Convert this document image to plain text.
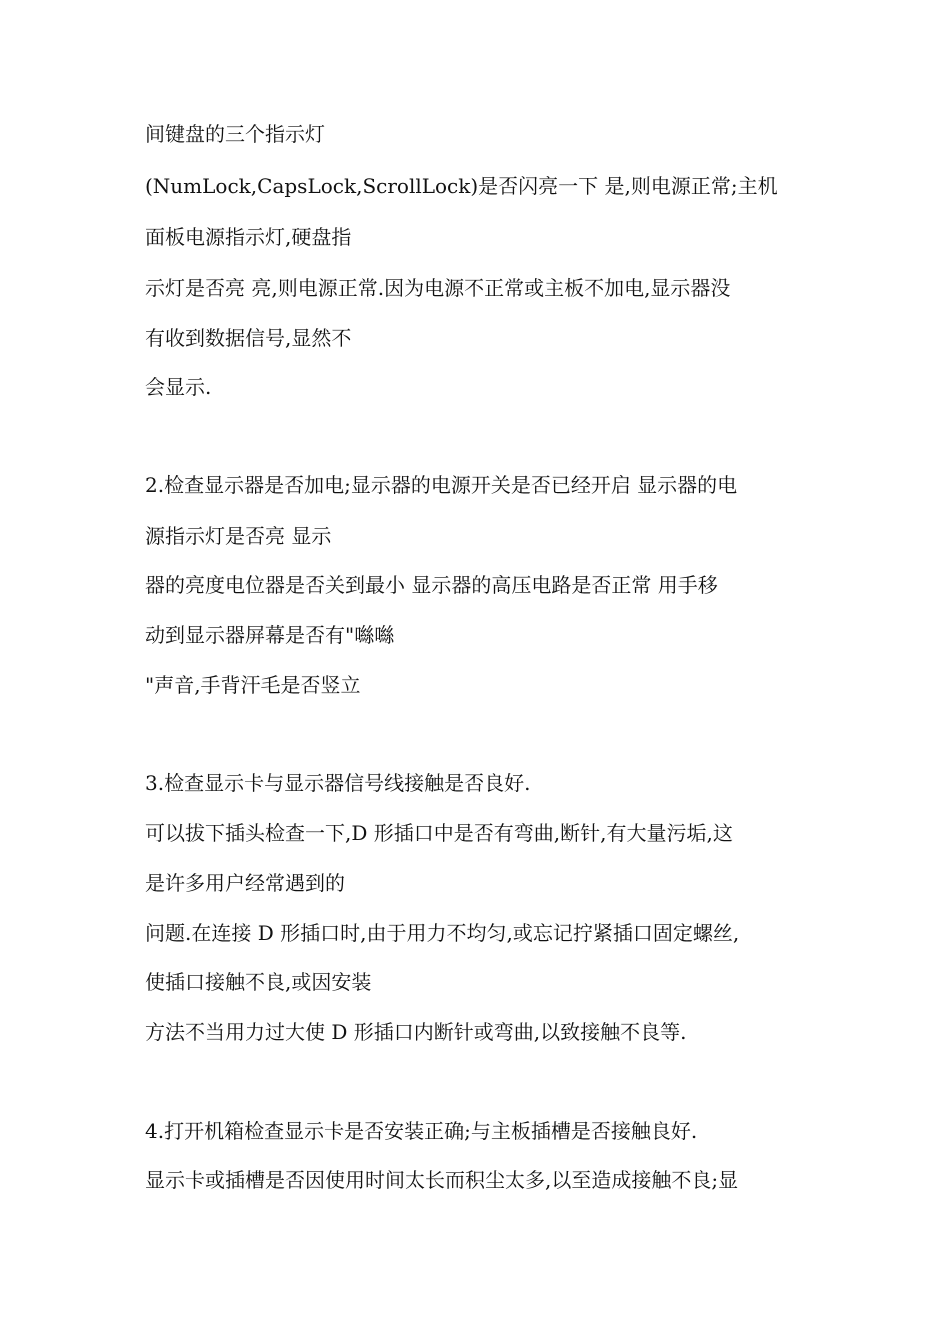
间键盘的三个指示灯
(NumLock,CapsLock,ScrollLock)是否闪亮一下 是,则电源正常;主机
面板电源指示灯,硬盘指
示灯是否亮 亮,则电源正常.因为电源不正常或主板不加电,显示器没
有收到数据信号,显然不
会显示.
2.检查显示器是否加电;显示器的电源开关是否已经开启 显示器的电
源指示灯是否亮 显示
器的亮度电位器是否关到最小 显示器的高压电路是否正常 用手移
动到显示器屏幕是否有"噝噝
"声音,手背汗毛是否竖立
3.检查显示卡与显示器信号线接触是否良好.
可以拔下插头检查一下,D 形插口中是否有弯曲,断针,有大量污垢,这
是许多用户经常遇到的
问题.在连接 D 形插口时,由于用力不均匀,或忘记拧紧插口固定螺丝,
使插口接触不良,或因安装
方法不当用力过大使 D 形插口内断针或弯曲,以致接触不良等.
4.打开机箱检查显示卡是否安装正确;与主板插槽是否接触良好.
显示卡或插槽是否因使用时间太长而积尘太多,以至造成接触不良;显
